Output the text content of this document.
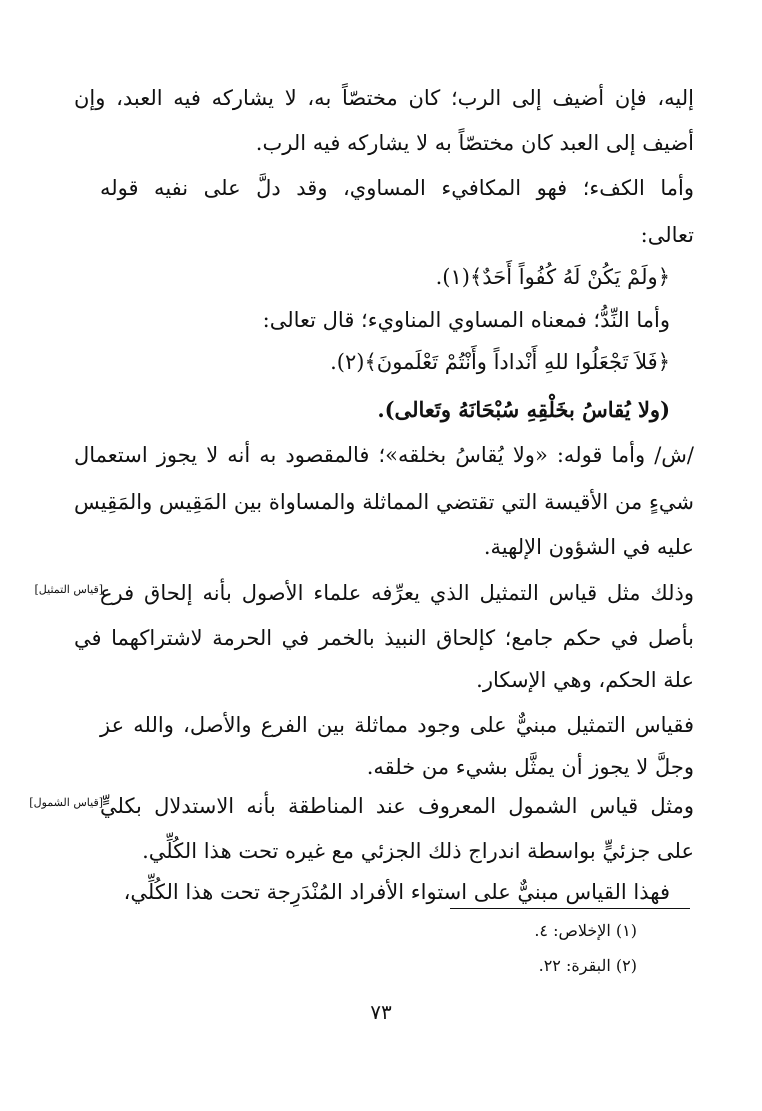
إليه، فإن أضيف إلى الرب؛ كان مختصّاً به، لا يشاركه فيه العبد، وإن
أضيف إلى العبد كان مختصّاً به لا يشاركه فيه الرب.
وأما الكفء؛ فهو المكافيء المساوي، وقد دلَّ على نفيه قوله
تعالى:
﴿ولَمْ يَكُنْ لَهُ كُفُواً أَحَدٌ﴾(١).
وأما النِّدُّ؛ فمعناه المساوي المناويء؛ قال تعالى:
﴿فَلاَ تَجْعَلُوا للهِ أَنْداداً وأَنْتُمْ تَعْلَمونَ﴾(٢).
(ولا يُقاسُ بخَلْقِهِ سُبْحَانَهُ وتَعالى).
/ش/ وأما قوله: «ولا يُقاسُ بخلقه»؛ فالمقصود به أنه لا يجوز استعمال
شيءٍ من الأقيسة التي تقتضي المماثلة والمساواة بين المَقِيس والمَقِيس
عليه في الشؤون الإلهية.
[قياس التمثيل]
وذلك مثل قياس التمثيل الذي يعرِّفه علماء الأصول بأنه إلحاق فرع
بأصل في حكم جامع؛ كإلحاق النبيذ بالخمر في الحرمة لاشتراكهما في
علة الحكم، وهي الإسكار.
فقياس التمثيل مبنيٌّ على وجود مماثلة بين الفرع والأصل، والله عز
وجلَّ لا يجوز أن يمثَّل بشيء من خلقه.
[قياس الشمول]
ومثل قياس الشمول المعروف عند المناطقة بأنه الاستدلال بكليٍّ
على جزئيٍّ بواسطة اندراج ذلك الجزئي مع غيره تحت هذا الكُلِّي.
فهذا القياس مبنيٌّ على استواء الأفراد المُنْدَرِجة تحت هذا الكُلِّي،
(١) الإخلاص: ٤.
(٢) البقرة: ٢٢.
٧٣
